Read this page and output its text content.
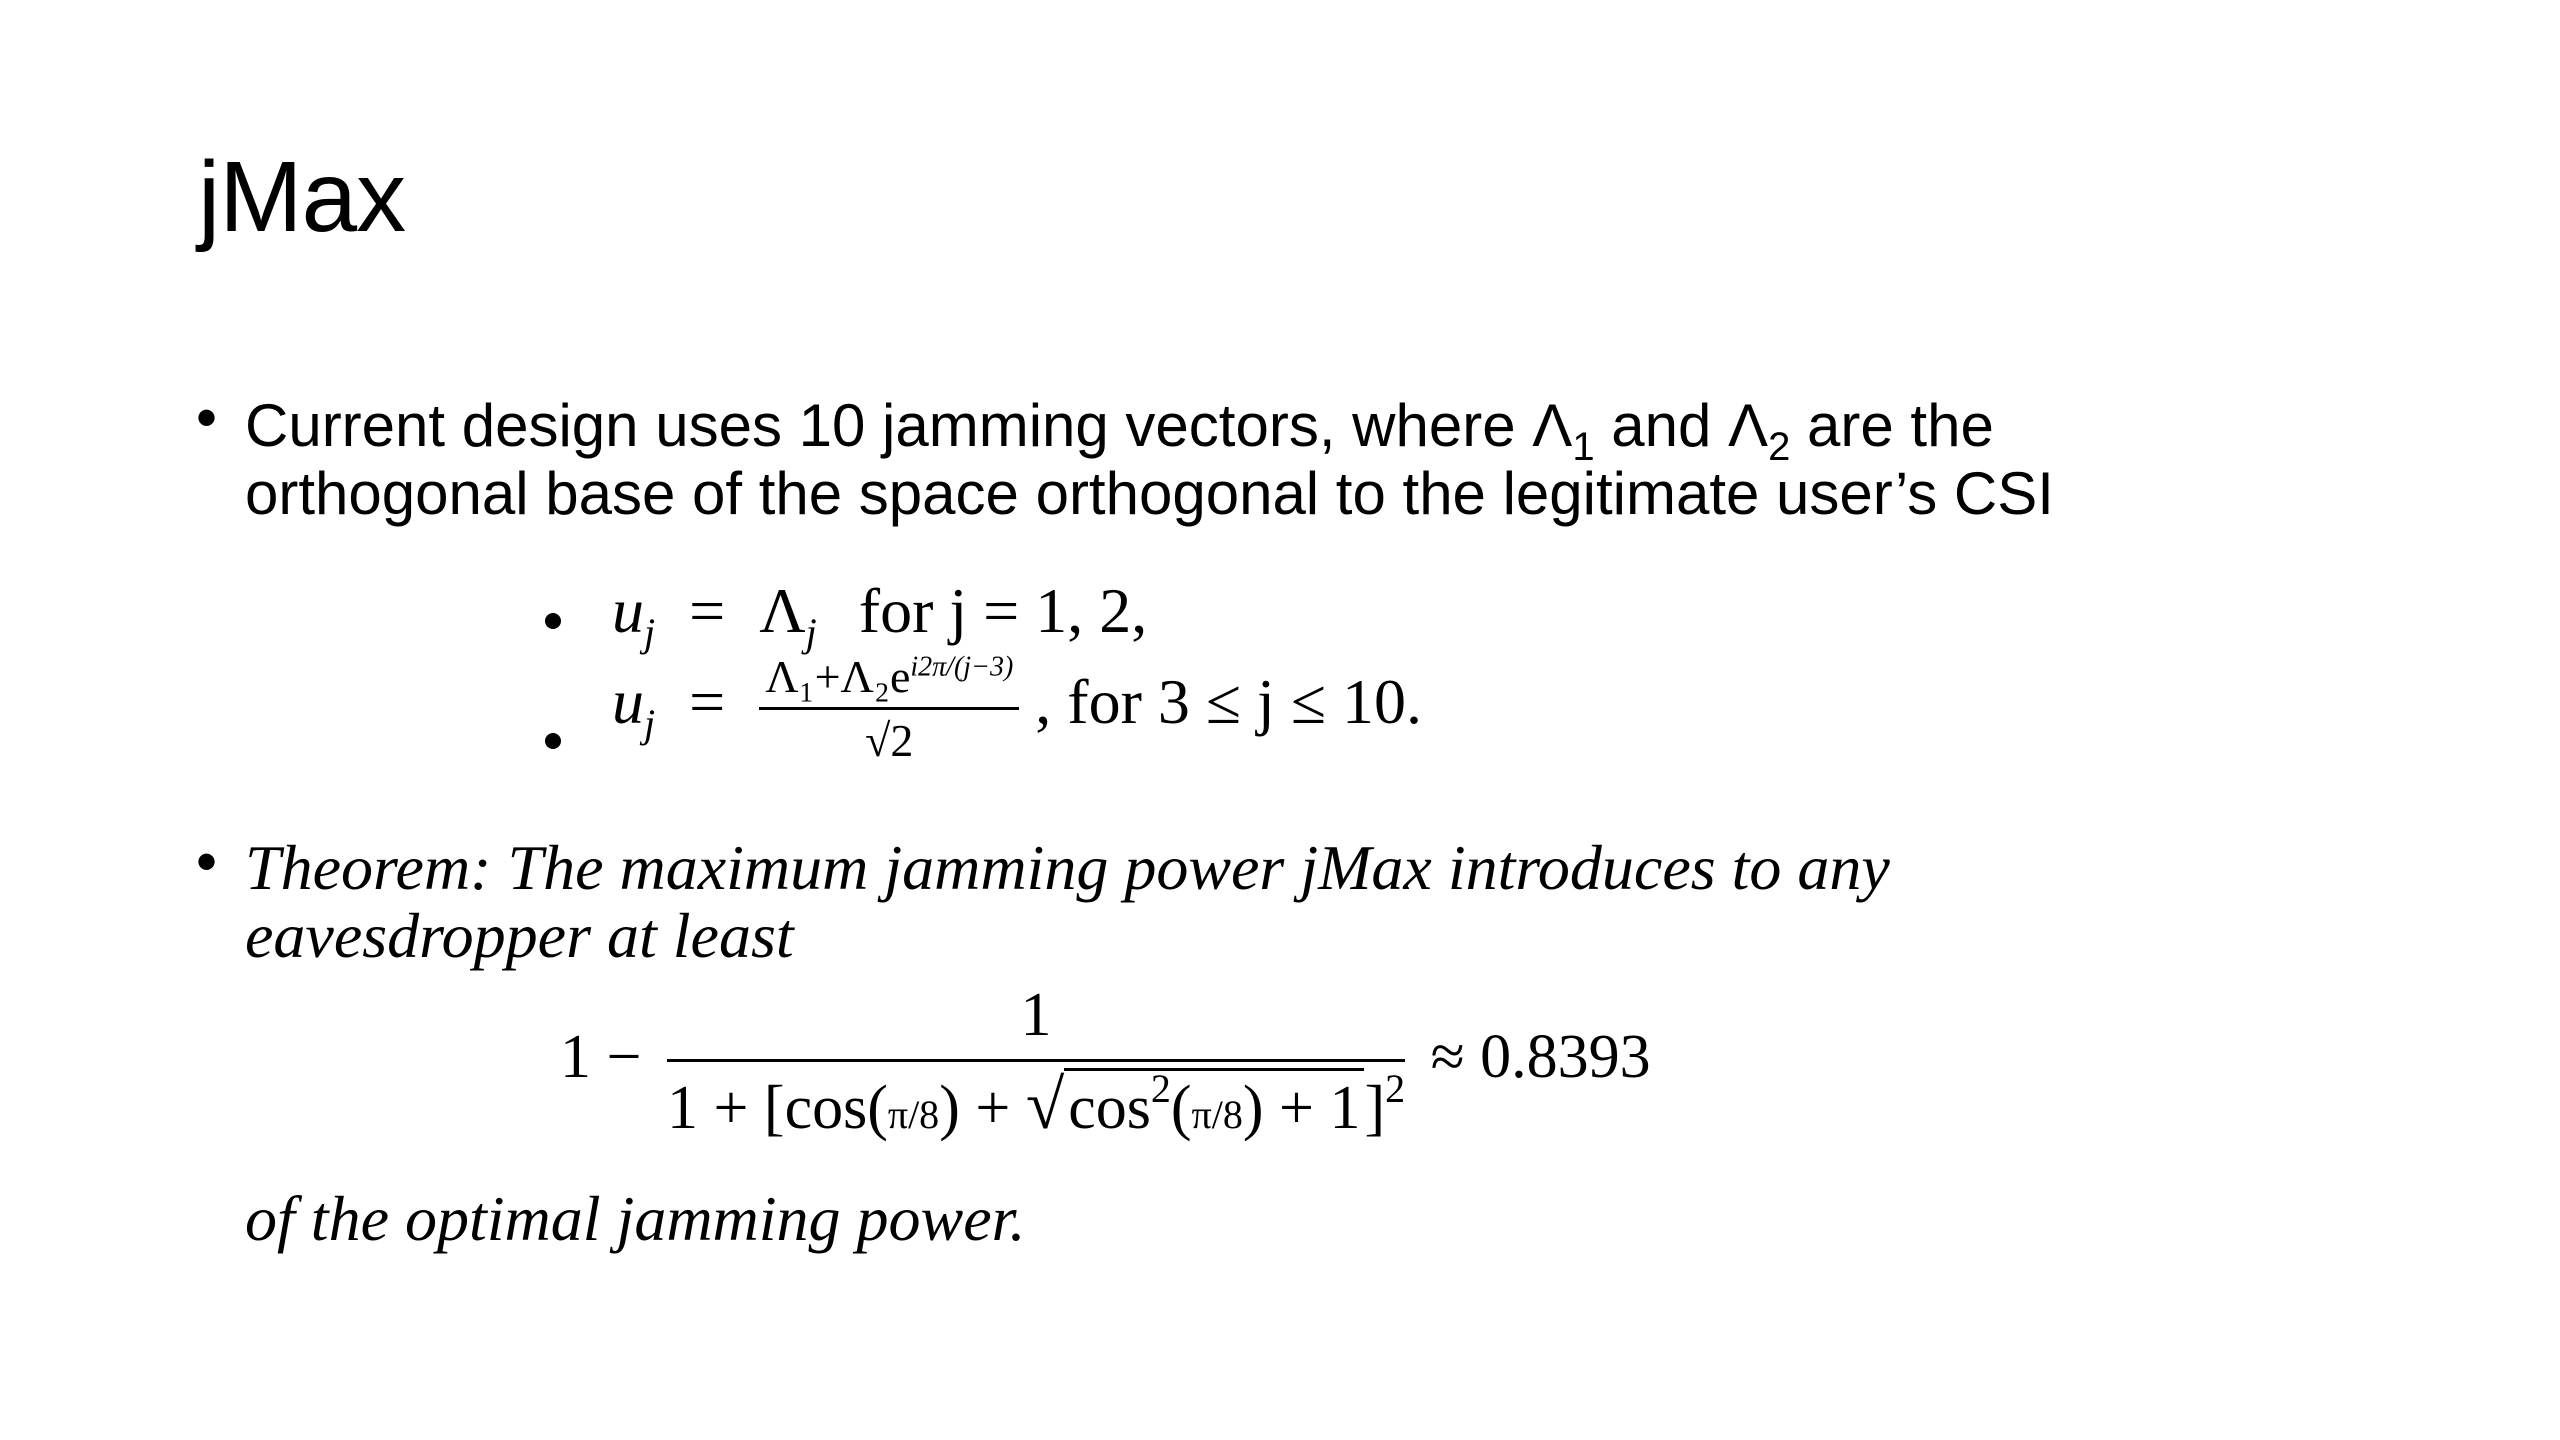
jMax
• Current design uses 10 jamming vectors, where $\Lambda_1$ and $\Lambda_2$ are the orthogonal base of the space orthogonal to the legitimate user’s CSI
$u_j = \Lambda_j$ for j = 1, 2,
$u_j = \frac{\Lambda_1+\Lambda_2e^{i2\pi/(j-3)}}{√2}$ , for 3 ≤ j ≤ 10.
• Theorem: The maximum jamming power jMax introduces to any eavesdropper at least
$1 - \frac{1}{1 + [\cos(\pi/8) + √\cos^2(\pi/8) + 1]^2} \approx 0.8393$
of the optimal jamming power.
